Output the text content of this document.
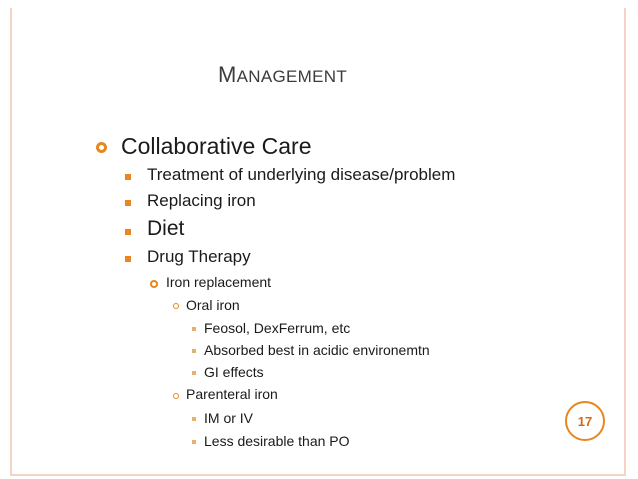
MANAGEMENT
Collaborative Care
Treatment of underlying disease/problem
Replacing iron
Diet
Drug Therapy
Iron replacement
Oral iron
Feosol, DexFerrum, etc
Absorbed best in acidic environemtn
GI effects
Parenteral iron
IM or IV
Less desirable than PO
17
